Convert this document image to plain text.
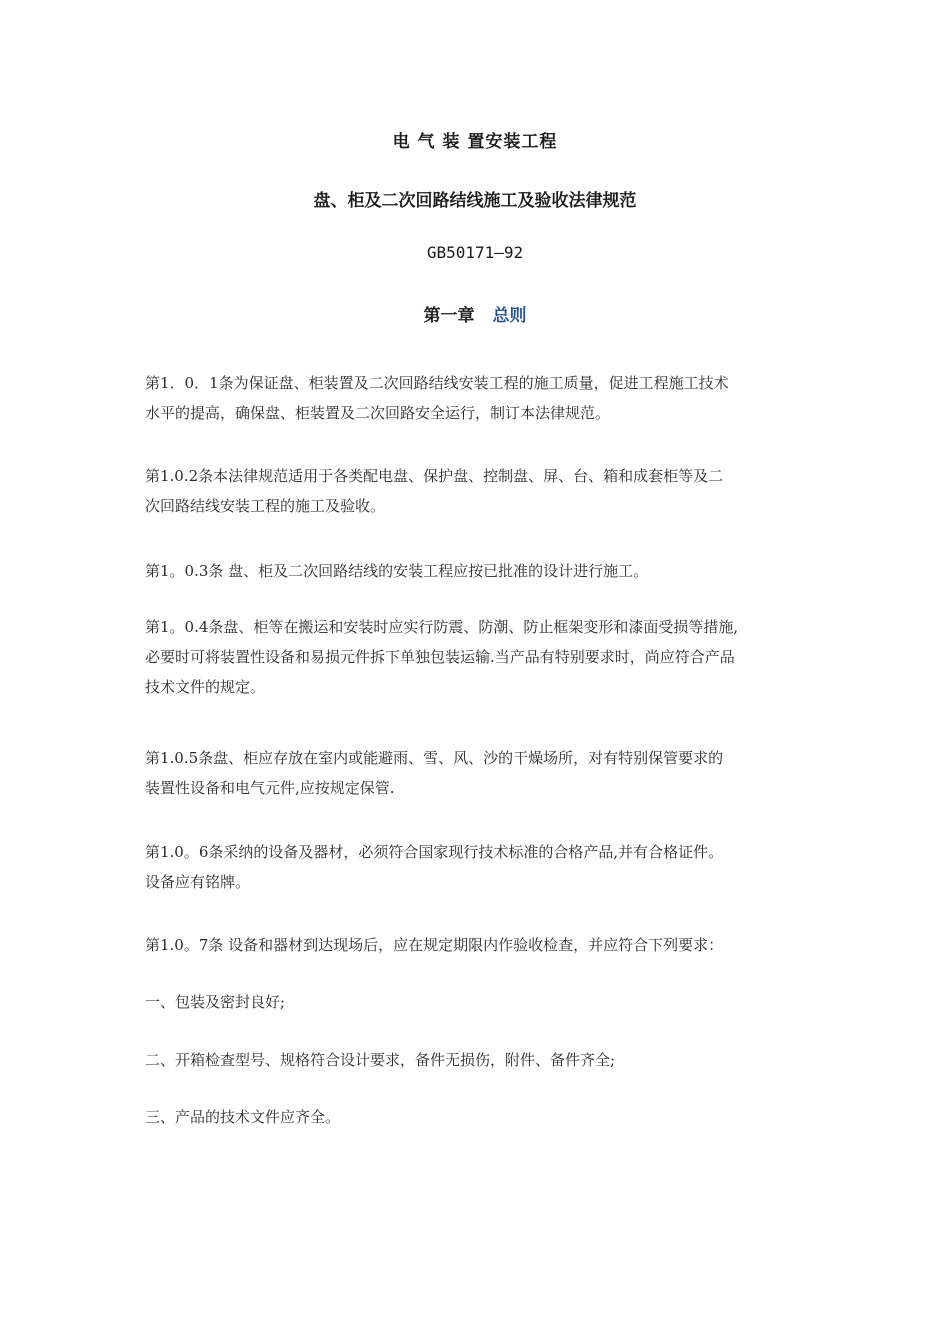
电 气 装 置安装工程
盘、柜及二次回路结线施工及验收法律规范
GB50171—92
第一章 总则
第1．0．1条为保证盘、柜装置及二次回路结线安装工程的施工质量，促进工程施工技术
水平的提高，确保盘、柜装置及二次回路安全运行，制订本法律规范。
第1.0.2条本法律规范适用于各类配电盘、保护盘、控制盘、屏、台、箱和成套柜等及二
次回路结线安装工程的施工及验收。
第1。0.3条 盘、柜及二次回路结线的安装工程应按已批准的设计进行施工。
第1。0.4条盘、柜等在搬运和安装时应实行防震、防潮、防止框架变形和漆面受损等措施,
必要时可将装置性设备和易损元件拆下单独包装运输.当产品有特别要求时，尚应符合产品
技术文件的规定。
第1.0.5条盘、柜应存放在室内或能避雨、雪、风、沙的干燥场所，对有特别保管要求的
装置性设备和电气元件,应按规定保管.
第1.0。6条采纳的设备及器材，必须符合国家现行技术标准的合格产品,并有合格证件。
设备应有铭牌。
第1.0。7条 设备和器材到达现场后，应在规定期限内作验收检查，并应符合下列要求：
一、包装及密封良好;
二、开箱检查型号、规格符合设计要求，备件无损伤，附件、备件齐全;
三、产品的技术文件应齐全。
